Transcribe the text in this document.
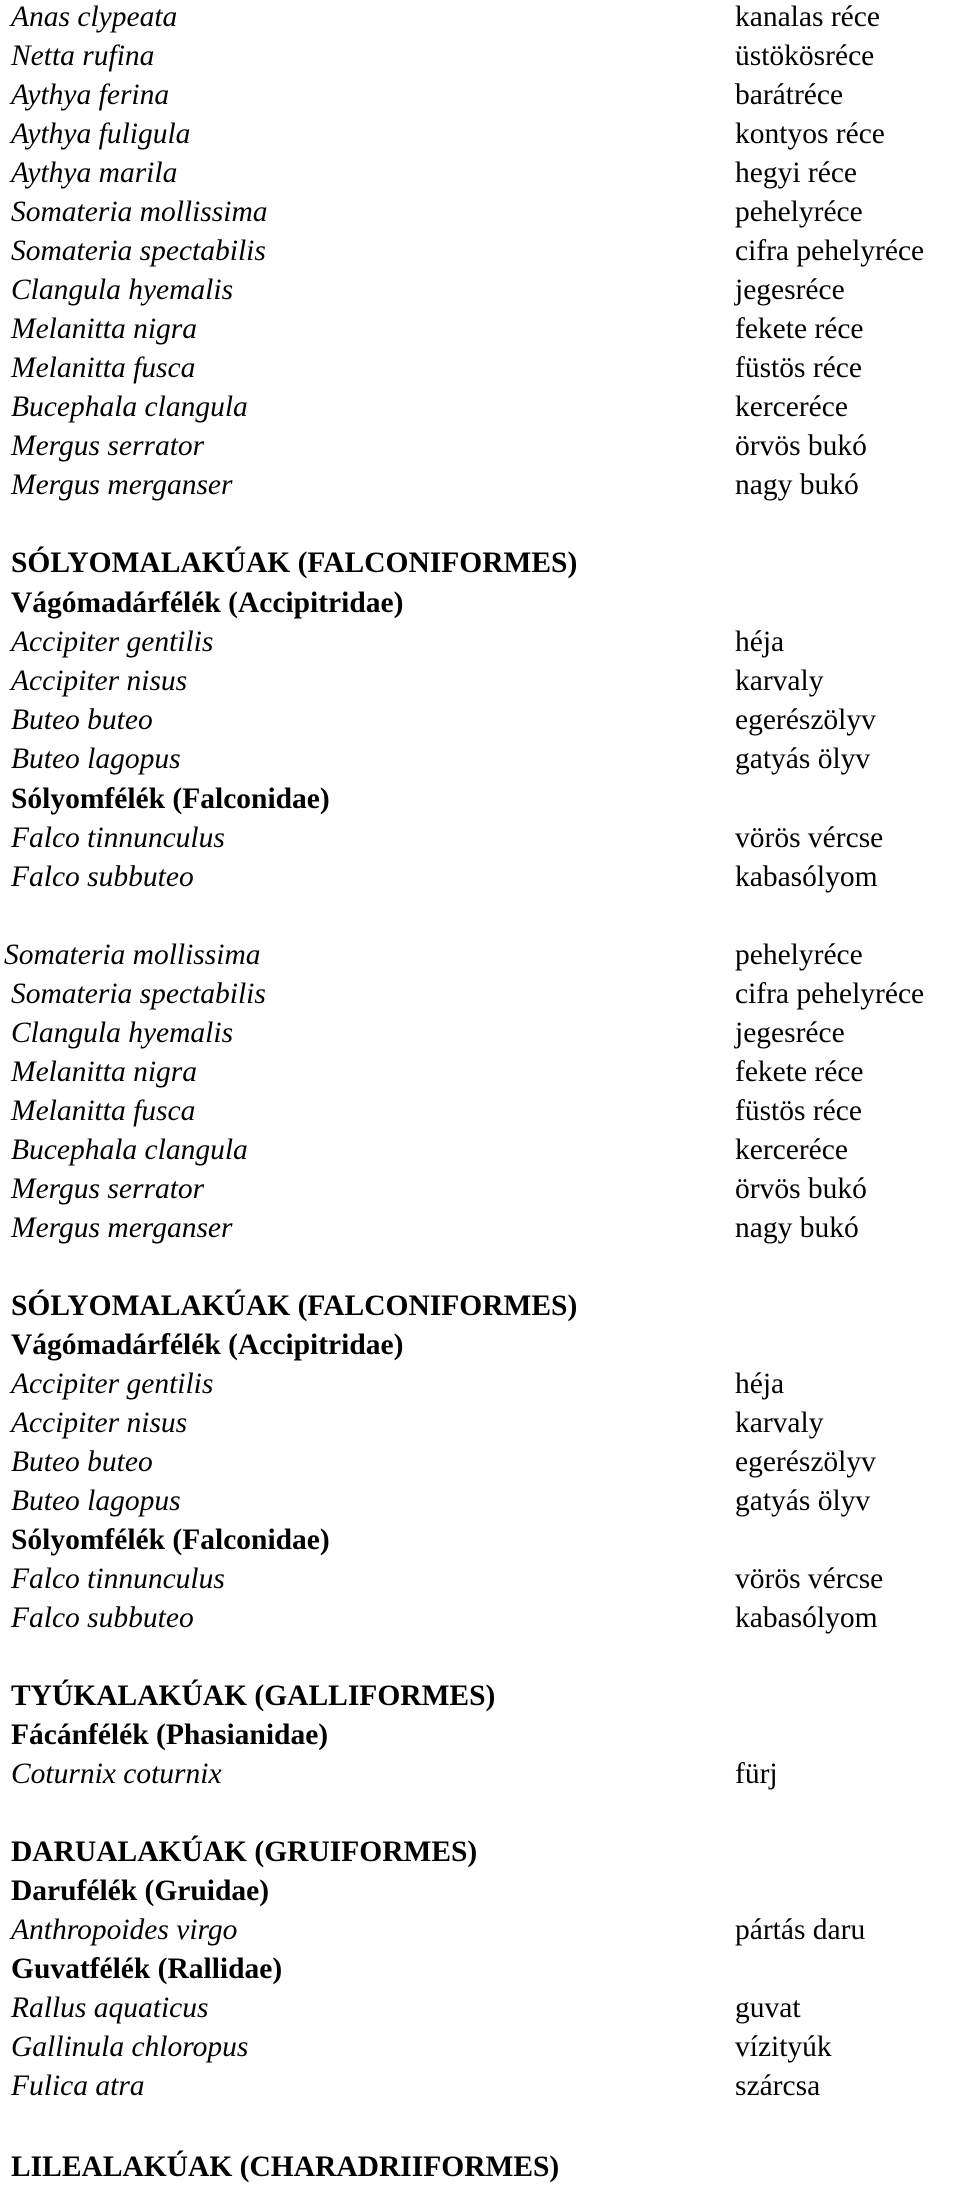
Anas clypeata	kanalas réce
Netta rufina	üstökösréce
Aythya ferina	barátréce
Aythya fuligula	kontyos réce
Aythya marila	hegyi réce
Somateria mollissima	pehelyréce
Somateria spectabilis	cifra pehelyréce
Clangula hyemalis	jegesréce
Melanitta nigra	fekete réce
Melanitta fusca	füstös réce
Bucephala clangula	kerceréce
Mergus serrator	örvös bukó
Mergus merganser	nagy bukó
SÓLYOMALAKÚAK (FALCONIFORMES)
Vágómadárfélék (Accipitridae)
Accipiter gentilis	héja
Accipiter nisus	karvaly
Buteo buteo	egerészölyv
Buteo lagopus	gatyás ölyv
Sólyomfélék (Falconidae)
Falco tinnunculus	vörös vércse
Falco subbuteo	kabasólyom
Somateria mollissima	pehelyréce
Somateria spectabilis	cifra pehelyréce
Clangula hyemalis	jegesréce
Melanitta nigra	fekete réce
Melanitta fusca	füstös réce
Bucephala clangula	kerceréce
Mergus serrator	örvös bukó
Mergus merganser	nagy bukó
SÓLYOMALAKÚAK (FALCONIFORMES)
Vágómadárfélék (Accipitridae)
Accipiter gentilis	héja
Accipiter nisus	karvaly
Buteo buteo	egerészölyv
Buteo lagopus	gatyás ölyv
Sólyomfélék (Falconidae)
Falco tinnunculus	vörös vércse
Falco subbuteo	kabasólyom
TYÚKALAKÚAK (GALLIFORMES)
Fácánfélék (Phasianidae)
Coturnix coturnix	fürj
DARUALAKÚAK (GRUIFORMES)
Darufélék (Gruidae)
Anthropoides virgo	pártás daru
Guvatfélék (Rallidae)
Rallus aquaticus	guvat
Gallinula chloropus	vízityúk
Fulica atra	szárcsa
LILEALAKÚAK (CHARADRIIFORMES)
